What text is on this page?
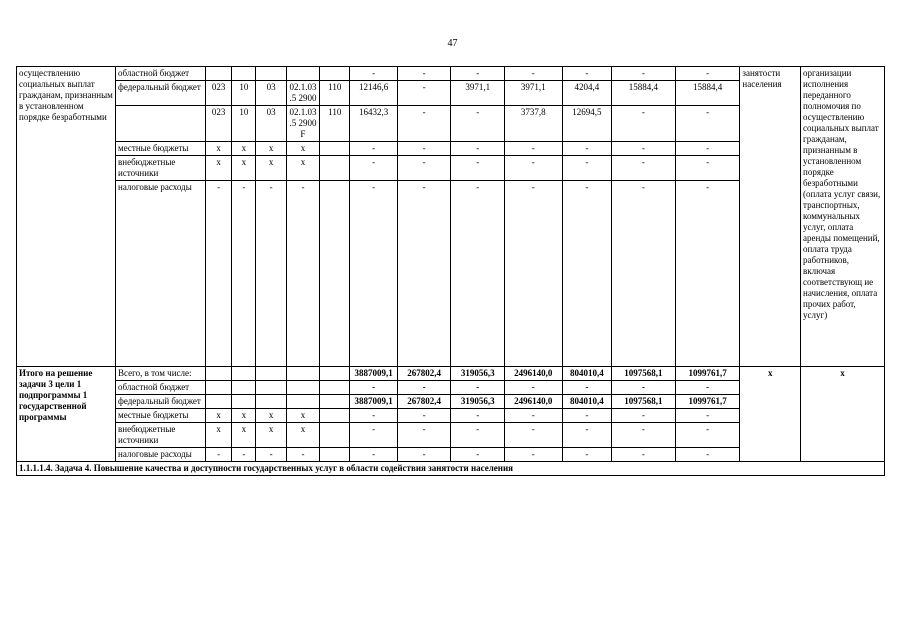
47
осуществлению социальных выплат гражданам, признанным в установленном порядке безработными	областной бюджет						-	-	-	-	-	-	-	занятости населения	организации исполнения переданного полномочия по осуществлению социальных выплат гражданам, признанным в установленном порядке безработными (оплата услуг связи, транспортных, коммунальных услуг, оплата аренды помещений, оплата труда работников, включая соответствующ ие начисления, оплата прочих работ, услуг)
	федеральный бюджет	023	10	03	02.1.03.5 2900	110	12146,6	-	3971,1	3971,1	4204,4	15884,4	15884,4		
		023	10	03	02.1.03.5 2900 F	110	16432,3	-	-	3737,8	12694,5	-	-		
	местные бюджеты	х	х	х	х		-	-	-	-	-	-	-		
	внебюджетные источники	х	х	х	х		-	-	-	-	-	-	-		
	налоговые расходы	-	-	-	-		-	-	-	-	-	-	-		
Итого на решение задачи 3 цели 1 подпрограммы 1 государственной программы	Всего, в том числе:						3887009,1	267802,4	319056,3	2496140,0	804010,4	1097568,1	1099761,7	х	х
	областной бюджет						-	-	-	-	-	-	-		
	федеральный бюджет						3887009,1	267802,4	319056,3	2496140,0	804010,4	1097568,1	1099761,7		
	местные бюджеты	х	х	х	х		-	-	-	-	-	-	-		
	внебюджетные источники	х	х	х	х		-	-	-	-	-	-	-		
	налоговые расходы	-	-	-	-		-	-	-	-	-	-	-		
1.1.1.1.4. Задача 4. Повышение качества и доступности государственных услуг в области содействия занятости населения															
